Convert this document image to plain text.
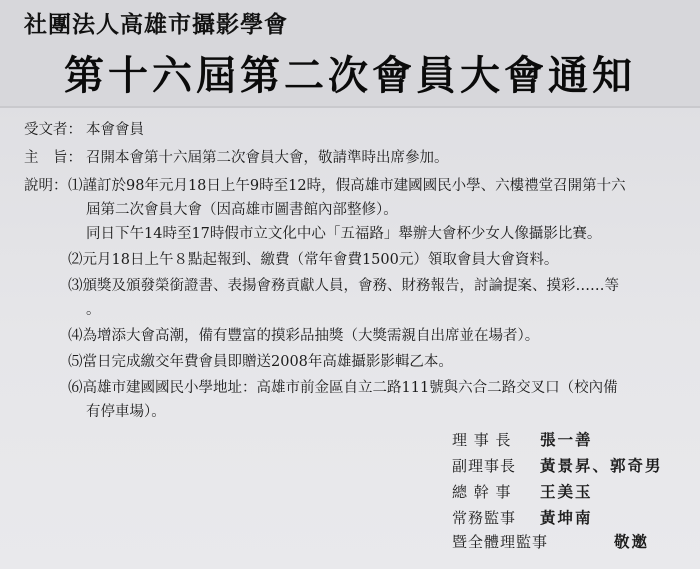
社團法人高雄市攝影學會
第十六屆第二次會員大會通知
受文者： 本會會員
主　旨： 召開本會第十六屆第二次會員大會，敬請準時出席參加。
說明： ⑴謹訂於98年元月18日上午9時至12時，假高雄市建國國民小學、六樓禮堂召開第十六
屆第二次會員大會（因高雄市圖書館內部整修）。
同日下午14時至17時假市立文化中心「五福路」舉辦大會杯少女人像攝影比賽。
⑵元月18日上午８點起報到、繳費（常年會費1500元）領取會員大會資料。
⑶頒獎及頒發榮銜證書、表揚會務貢獻人員，會務、財務報告，討論提案、摸彩……等
。
⑷為增添大會高潮，備有豐富的摸彩品抽獎（大獎需親自出席並在場者）。
⑸當日完成繳交年費會員即贈送2008年高雄攝影影輯乙本。
⑹高雄市建國國民小學地址：高雄市前金區自立二路111號與六合二路交叉口（校內備
有停車場）。
理 事 長 張一善
副理事長 黃景昇、郭奇男
總 幹 事 王美玉
常務監事 黃坤南
暨全體理監事	敬邀
